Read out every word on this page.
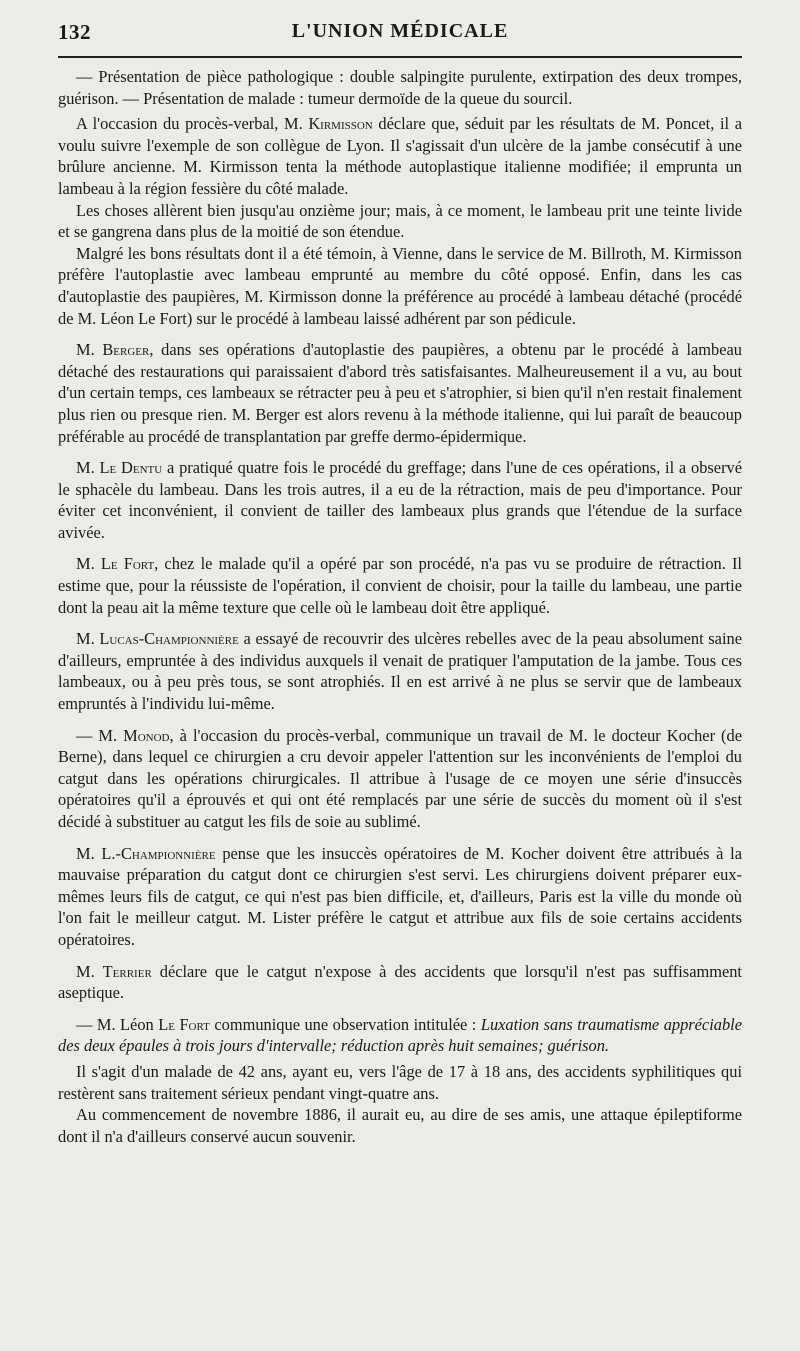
132	L'UNION MÉDICALE

— Présentation de pièce pathologique : double salpingite purulente, extirpation des deux trompes, guérison. — Présentation de malade : tumeur dermoïde de la queue du sourcil.

A l'occasion du procès-verbal, M. Kirmisson déclare que, séduit par les résultats de M. Poncet, il a voulu suivre l'exemple de son collègue de Lyon. Il s'agissait d'un ulcère de la jambe consécutif à une brûlure ancienne. M. Kirmisson tenta la méthode autoplastique italienne modifiée; il emprunta un lambeau à la région fessière du côté malade.

Les choses allèrent bien jusqu'au onzième jour; mais, à ce moment, le lambeau prit une teinte livide et se gangrena dans plus de la moitié de son étendue.

Malgré les bons résultats dont il a été témoin, à Vienne, dans le service de M. Billroth, M. Kirmisson préfère l'autoplastie avec lambeau emprunté au membre du côté opposé. Enfin, dans les cas d'autoplastie des paupières, M. Kirmisson donne la préférence au procédé à lambeau détaché (procédé de M. Léon Le Fort) sur le procédé à lambeau laissé adhérent par son pédicule.

M. Berger, dans ses opérations d'autoplastie des paupières, a obtenu par le procédé à lambeau détaché des restaurations qui paraissaient d'abord très satisfaisantes. Malheureusement il a vu, au bout d'un certain temps, ces lambeaux se rétracter peu à peu et s'atrophier, si bien qu'il n'en restait finalement plus rien ou presque rien. M. Berger est alors revenu à la méthode italienne, qui lui paraît de beaucoup préférable au procédé de transplantation par greffe dermo-épidermique.

M. Le Dentu a pratiqué quatre fois le procédé du greffage; dans l'une de ces opérations, il a observé le sphacèle du lambeau. Dans les trois autres, il a eu de la rétraction, mais de peu d'importance. Pour éviter cet inconvénient, il convient de tailler des lambeaux plus grands que l'étendue de la surface avivée.

M. Le Fort, chez le malade qu'il a opéré par son procédé, n'a pas vu se produire de rétraction. Il estime que, pour la réussiste de l'opération, il convient de choisir, pour la taille du lambeau, une partie dont la peau ait la même texture que celle où le lambeau doit être appliqué.

M. Lucas-Championnière a essayé de recouvrir des ulcères rebelles avec de la peau absolument saine d'ailleurs, empruntée à des individus auxquels il venait de pratiquer l'amputation de la jambe. Tous ces lambeaux, ou à peu près tous, se sont atrophiés. Il en est arrivé à ne plus se servir que de lambeaux empruntés à l'individu lui-même.

— M. Monod, à l'occasion du procès-verbal, communique un travail de M. le docteur Kocher (de Berne), dans lequel ce chirurgien a cru devoir appeler l'attention sur les inconvénients de l'emploi du catgut dans les opérations chirurgicales. Il attribue à l'usage de ce moyen une série d'insuccès opératoires qu'il a éprouvés et qui ont été remplacés par une série de succès du moment où il s'est décidé à substituer au catgut les fils de soie au sublimé.

M. L.-Championnière pense que les insuccès opératoires de M. Kocher doivent être attribués à la mauvaise préparation du catgut dont ce chirurgien s'est servi. Les chirurgiens doivent préparer eux-mêmes leurs fils de catgut, ce qui n'est pas bien difficile, et, d'ailleurs, Paris est la ville du monde où l'on fait le meilleur catgut. M. Lister préfère le catgut et attribue aux fils de soie certains accidents opératoires.

M. Terrier déclare que le catgut n'expose à des accidents que lorsqu'il n'est pas suffisamment aseptique.

— M. Léon Le Fort communique une observation intitulée : Luxation sans traumatisme appréciable des deux épaules à trois jours d'intervalle; réduction après huit semaines; guérison.

Il s'agit d'un malade de 42 ans, ayant eu, vers l'âge de 17 à 18 ans, des accidents syphilitiques qui restèrent sans traitement sérieux pendant vingt-quatre ans.

Au commencement de novembre 1886, il aurait eu, au dire de ses amis, une attaque épileptiforme dont il n'a d'ailleurs conservé aucun souvenir.
